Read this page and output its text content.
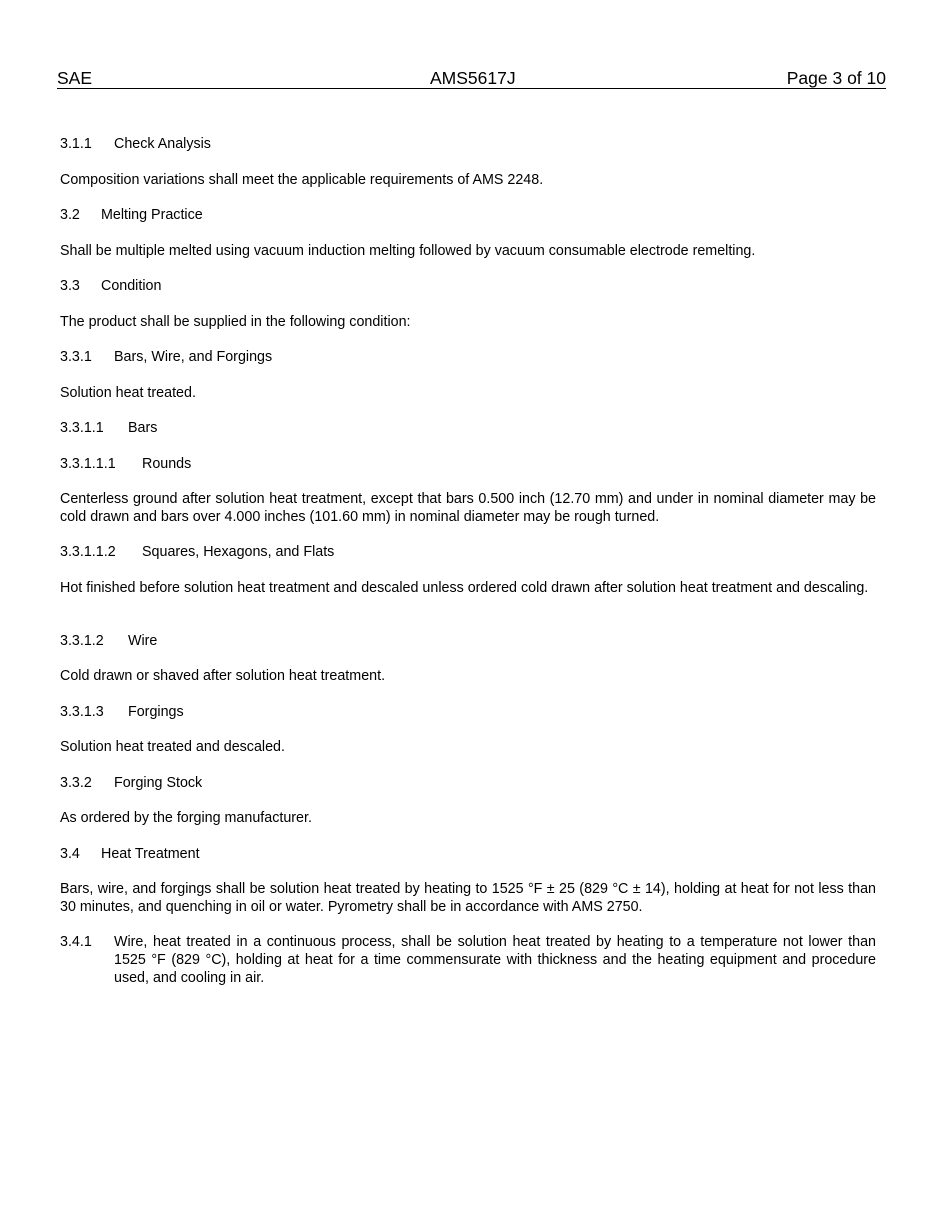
SAE	AMS5617J	Page 3 of 10
3.1.1 Check Analysis

Composition variations shall meet the applicable requirements of AMS 2248.

3.2 Melting Practice

Shall be multiple melted using vacuum induction melting followed by vacuum consumable electrode remelting.

3.3 Condition

The product shall be supplied in the following condition:

3.3.1 Bars, Wire, and Forgings

Solution heat treated.

3.3.1.1 Bars
3.3.1.1.1 Rounds

Centerless ground after solution heat treatment, except that bars 0.500 inch (12.70 mm) and under in nominal diameter may be cold drawn and bars over 4.000 inches (101.60 mm) in nominal diameter may be rough turned.

3.3.1.1.2 Squares, Hexagons, and Flats

Hot finished before solution heat treatment and descaled unless ordered cold drawn after solution heat treatment and descaling.

3.3.1.2 Wire

Cold drawn or shaved after solution heat treatment.

3.3.1.3 Forgings

Solution heat treated and descaled.

3.3.2 Forging Stock

As ordered by the forging manufacturer.

3.4 Heat Treatment

Bars, wire, and forgings shall be solution heat treated by heating to 1525 °F ± 25 (829 °C ± 14), holding at heat for not less than 30 minutes, and quenching in oil or water. Pyrometry shall be in accordance with AMS 2750.

3.4.1 Wire, heat treated in a continuous process, shall be solution heat treated by heating to a temperature not lower than 1525 °F (829 °C), holding at heat for a time commensurate with thickness and the heating equipment and procedure used, and cooling in air.
